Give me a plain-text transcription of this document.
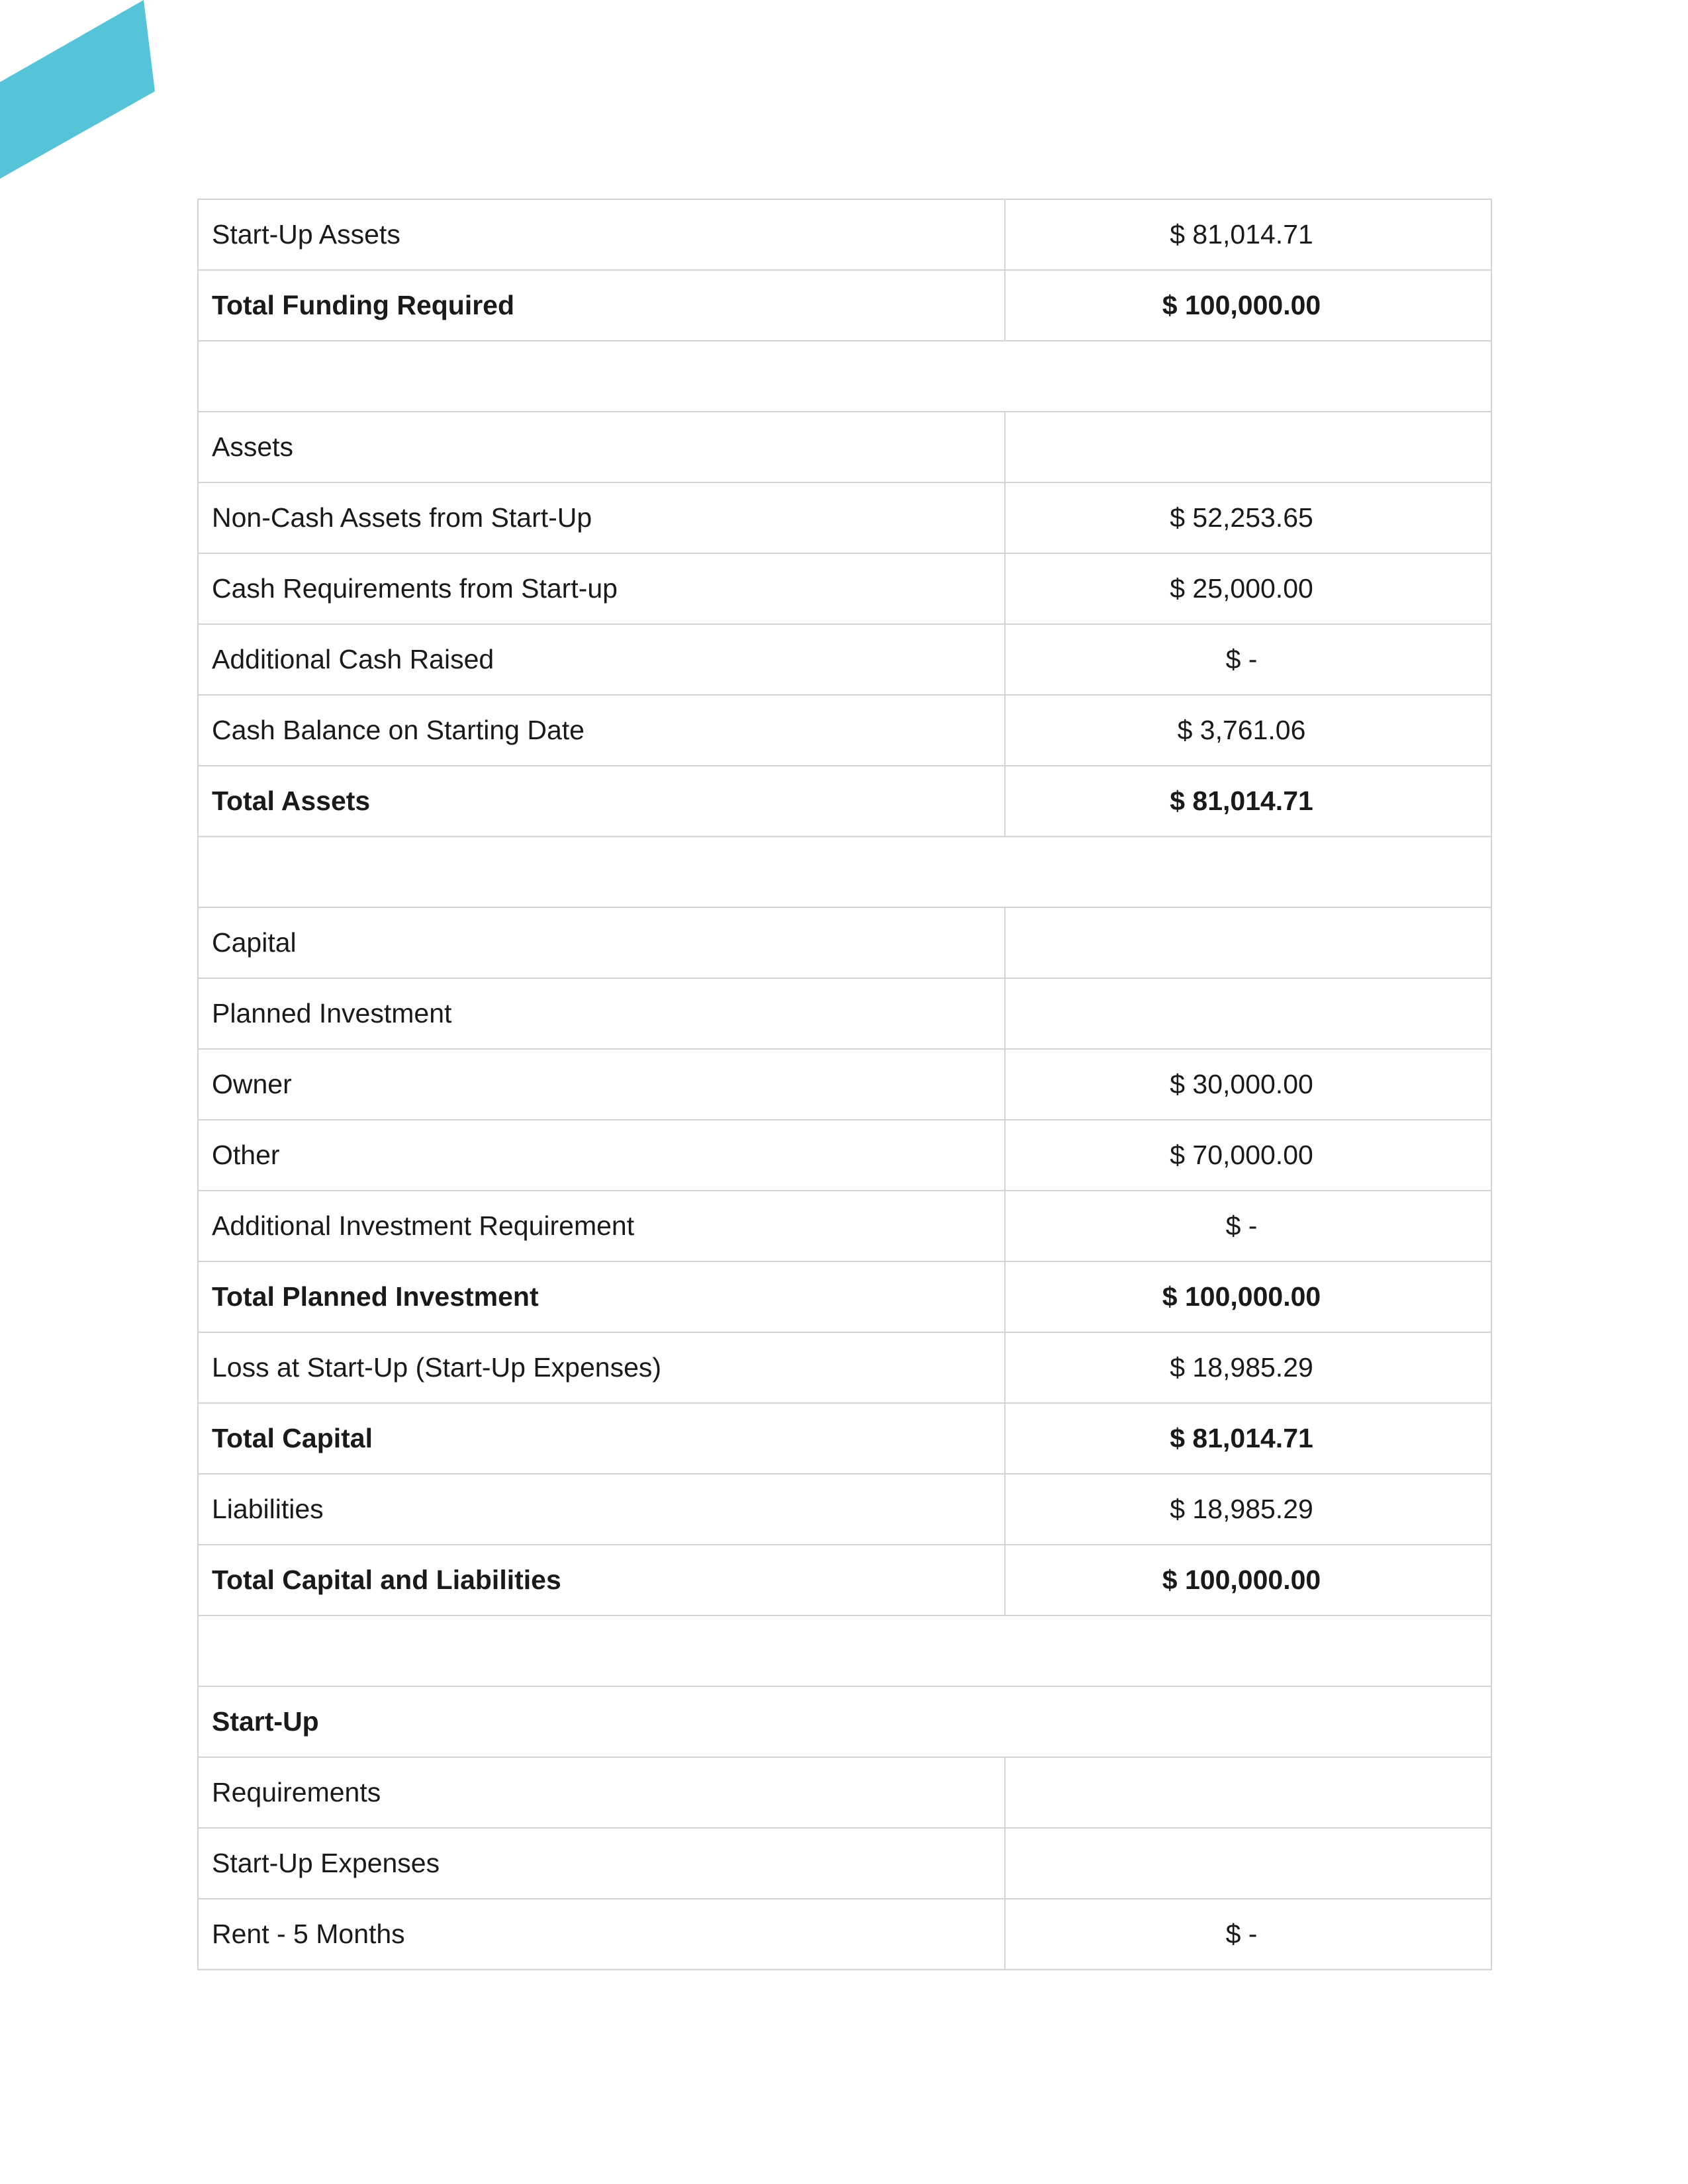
Start-Up Assets	$ 81,014.71
Total Funding Required	$ 100,000.00

Assets	
Non-Cash Assets from Start-Up	$ 52,253.65
Cash Requirements from Start-up	$ 25,000.00
Additional Cash Raised	$ -
Cash Balance on Starting Date	$ 3,761.06
Total Assets	$ 81,014.71

Capital	
Planned Investment	
Owner	$ 30,000.00
Other	$ 70,000.00
Additional Investment Requirement	$ -
Total Planned Investment	$ 100,000.00
Loss at Start-Up (Start-Up Expenses)	$ 18,985.29
Total Capital	$ 81,014.71
Liabilities	$ 18,985.29
Total Capital and Liabilities	$ 100,000.00

Start-Up	
Requirements	
Start-Up Expenses	
Rent - 5 Months	$ -
